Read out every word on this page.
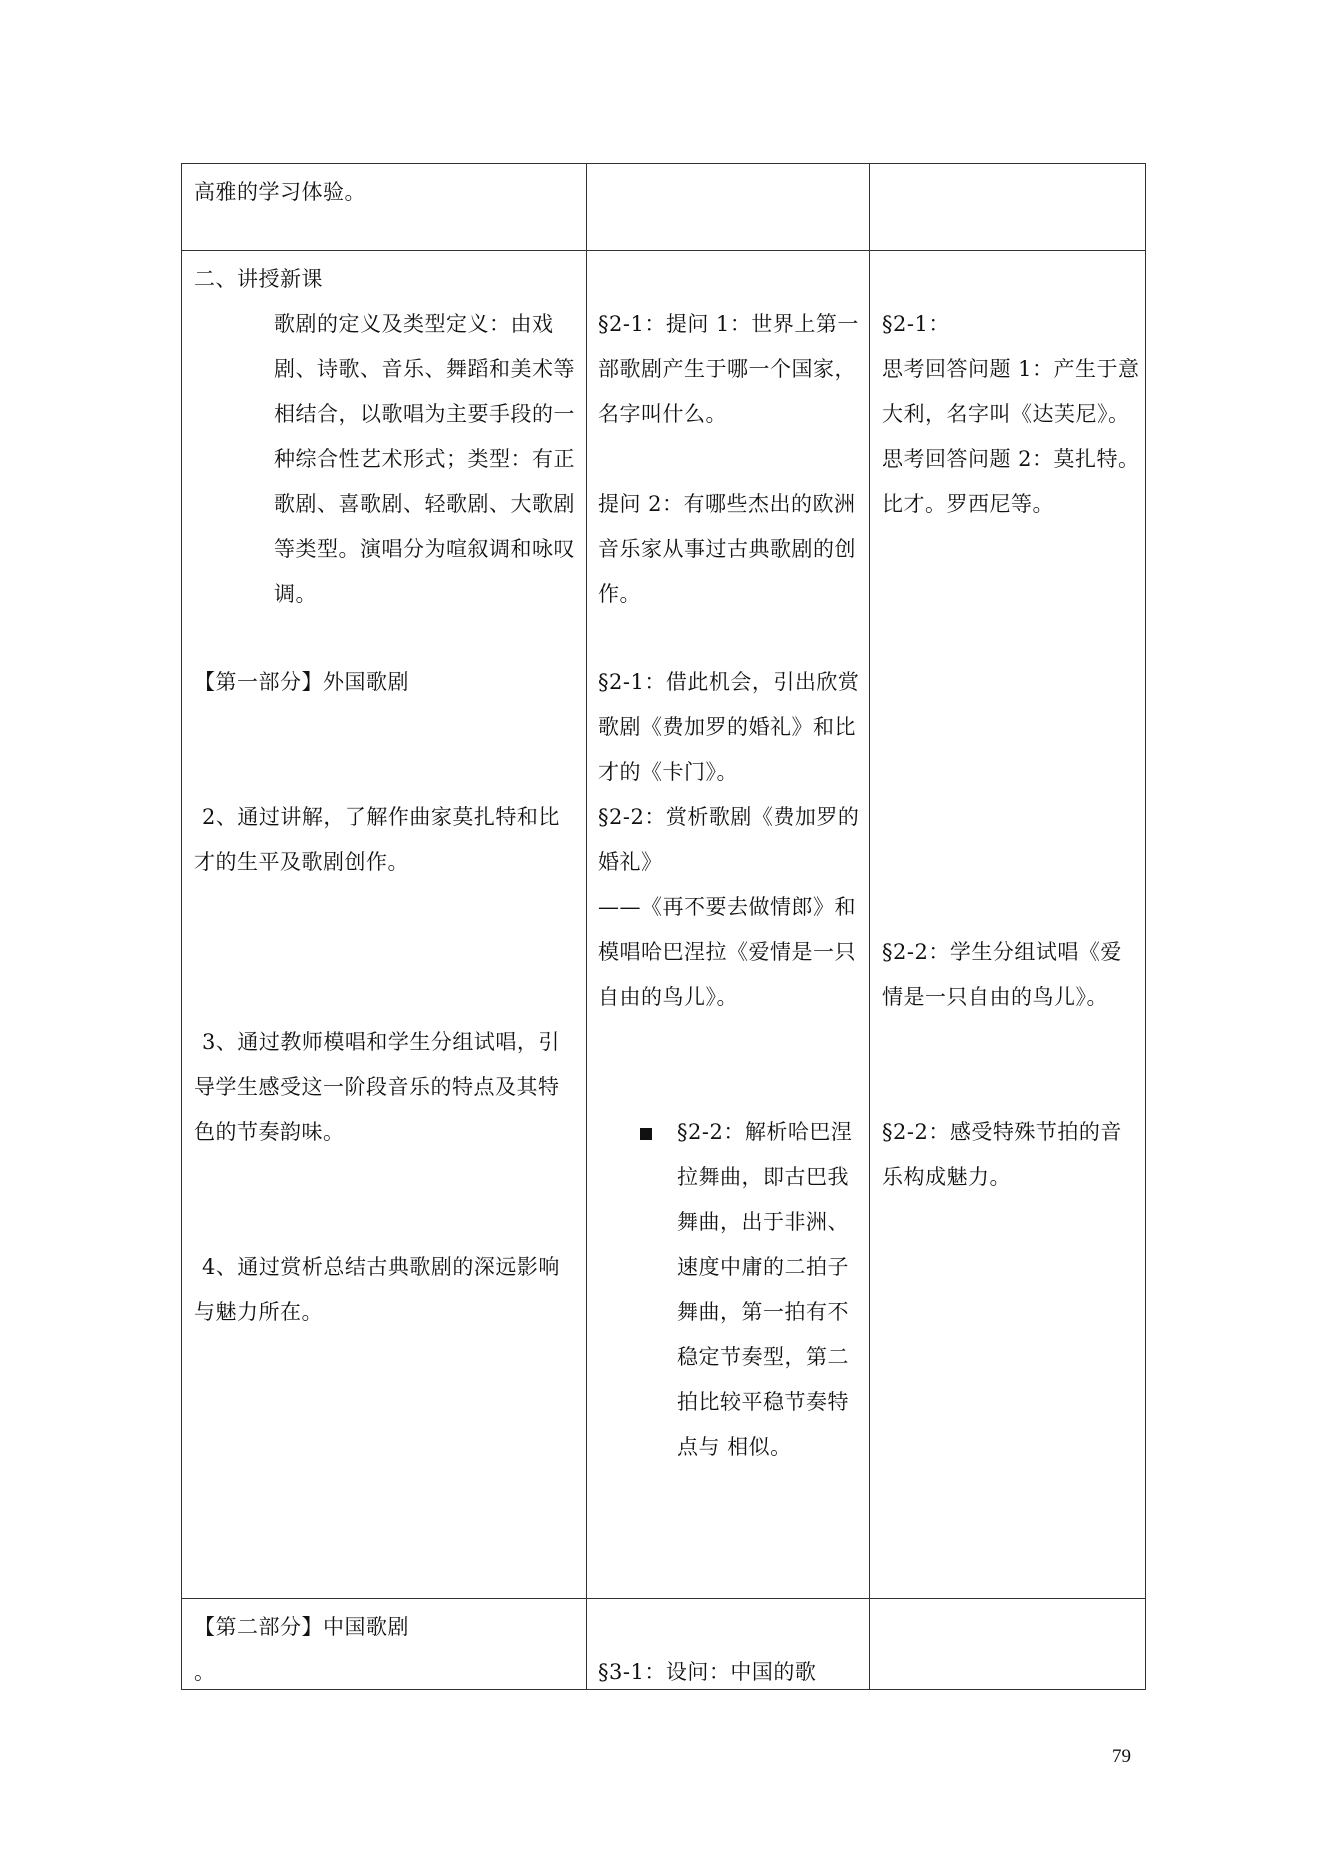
高雅的学习体验。
二、讲授新课
歌剧的定义及类型定义：由戏剧、诗歌、音乐、舞蹈和美术等相结合，以歌唱为主要手段的一种综合性艺术形式；类型：有正歌剧、喜歌剧、轻歌剧、大歌剧等类型。演唱分为喧叙调和咏叹调。
【第一部分】外国歌剧
2、通过讲解，了解作曲家莫扎特和比才的生平及歌剧创作。
3、通过教师模唱和学生分组试唱，引导学生感受这一阶段音乐的特点及其特色的节奏韵味。
4、通过赏析总结古典歌剧的深远影响与魅力所在。
§2-1：提问 1：世界上第一部歌剧产生于哪一个国家，名字叫什么。
提问 2：有哪些杰出的欧洲音乐家从事过古典歌剧的创作。
§2-1：借此机会，引出欣赏歌剧《费加罗的婚礼》和比才的《卡门》。
§2-2：赏析歌剧《费加罗的婚礼》
——《再不要去做情郎》和模唱哈巴涅拉《爱情是一只自由的鸟儿》。
§2-2：解析哈巴涅拉舞曲，即古巴我舞曲，出于非洲、速度中庸的二拍子舞曲，第一拍有不稳定节奏型，第二拍比较平稳节奏特点与 相似。
§2-1：
思考回答问题 1：产生于意大利，名字叫《达芙尼》。
思考回答问题 2：莫扎特。比才。罗西尼等。
§2-2：学生分组试唱《爱情是一只自由的鸟儿》。
§2-2：感受特殊节拍的音乐构成魅力。
【第二部分】中国歌剧
。	§3-1：设问：中国的歌
79
